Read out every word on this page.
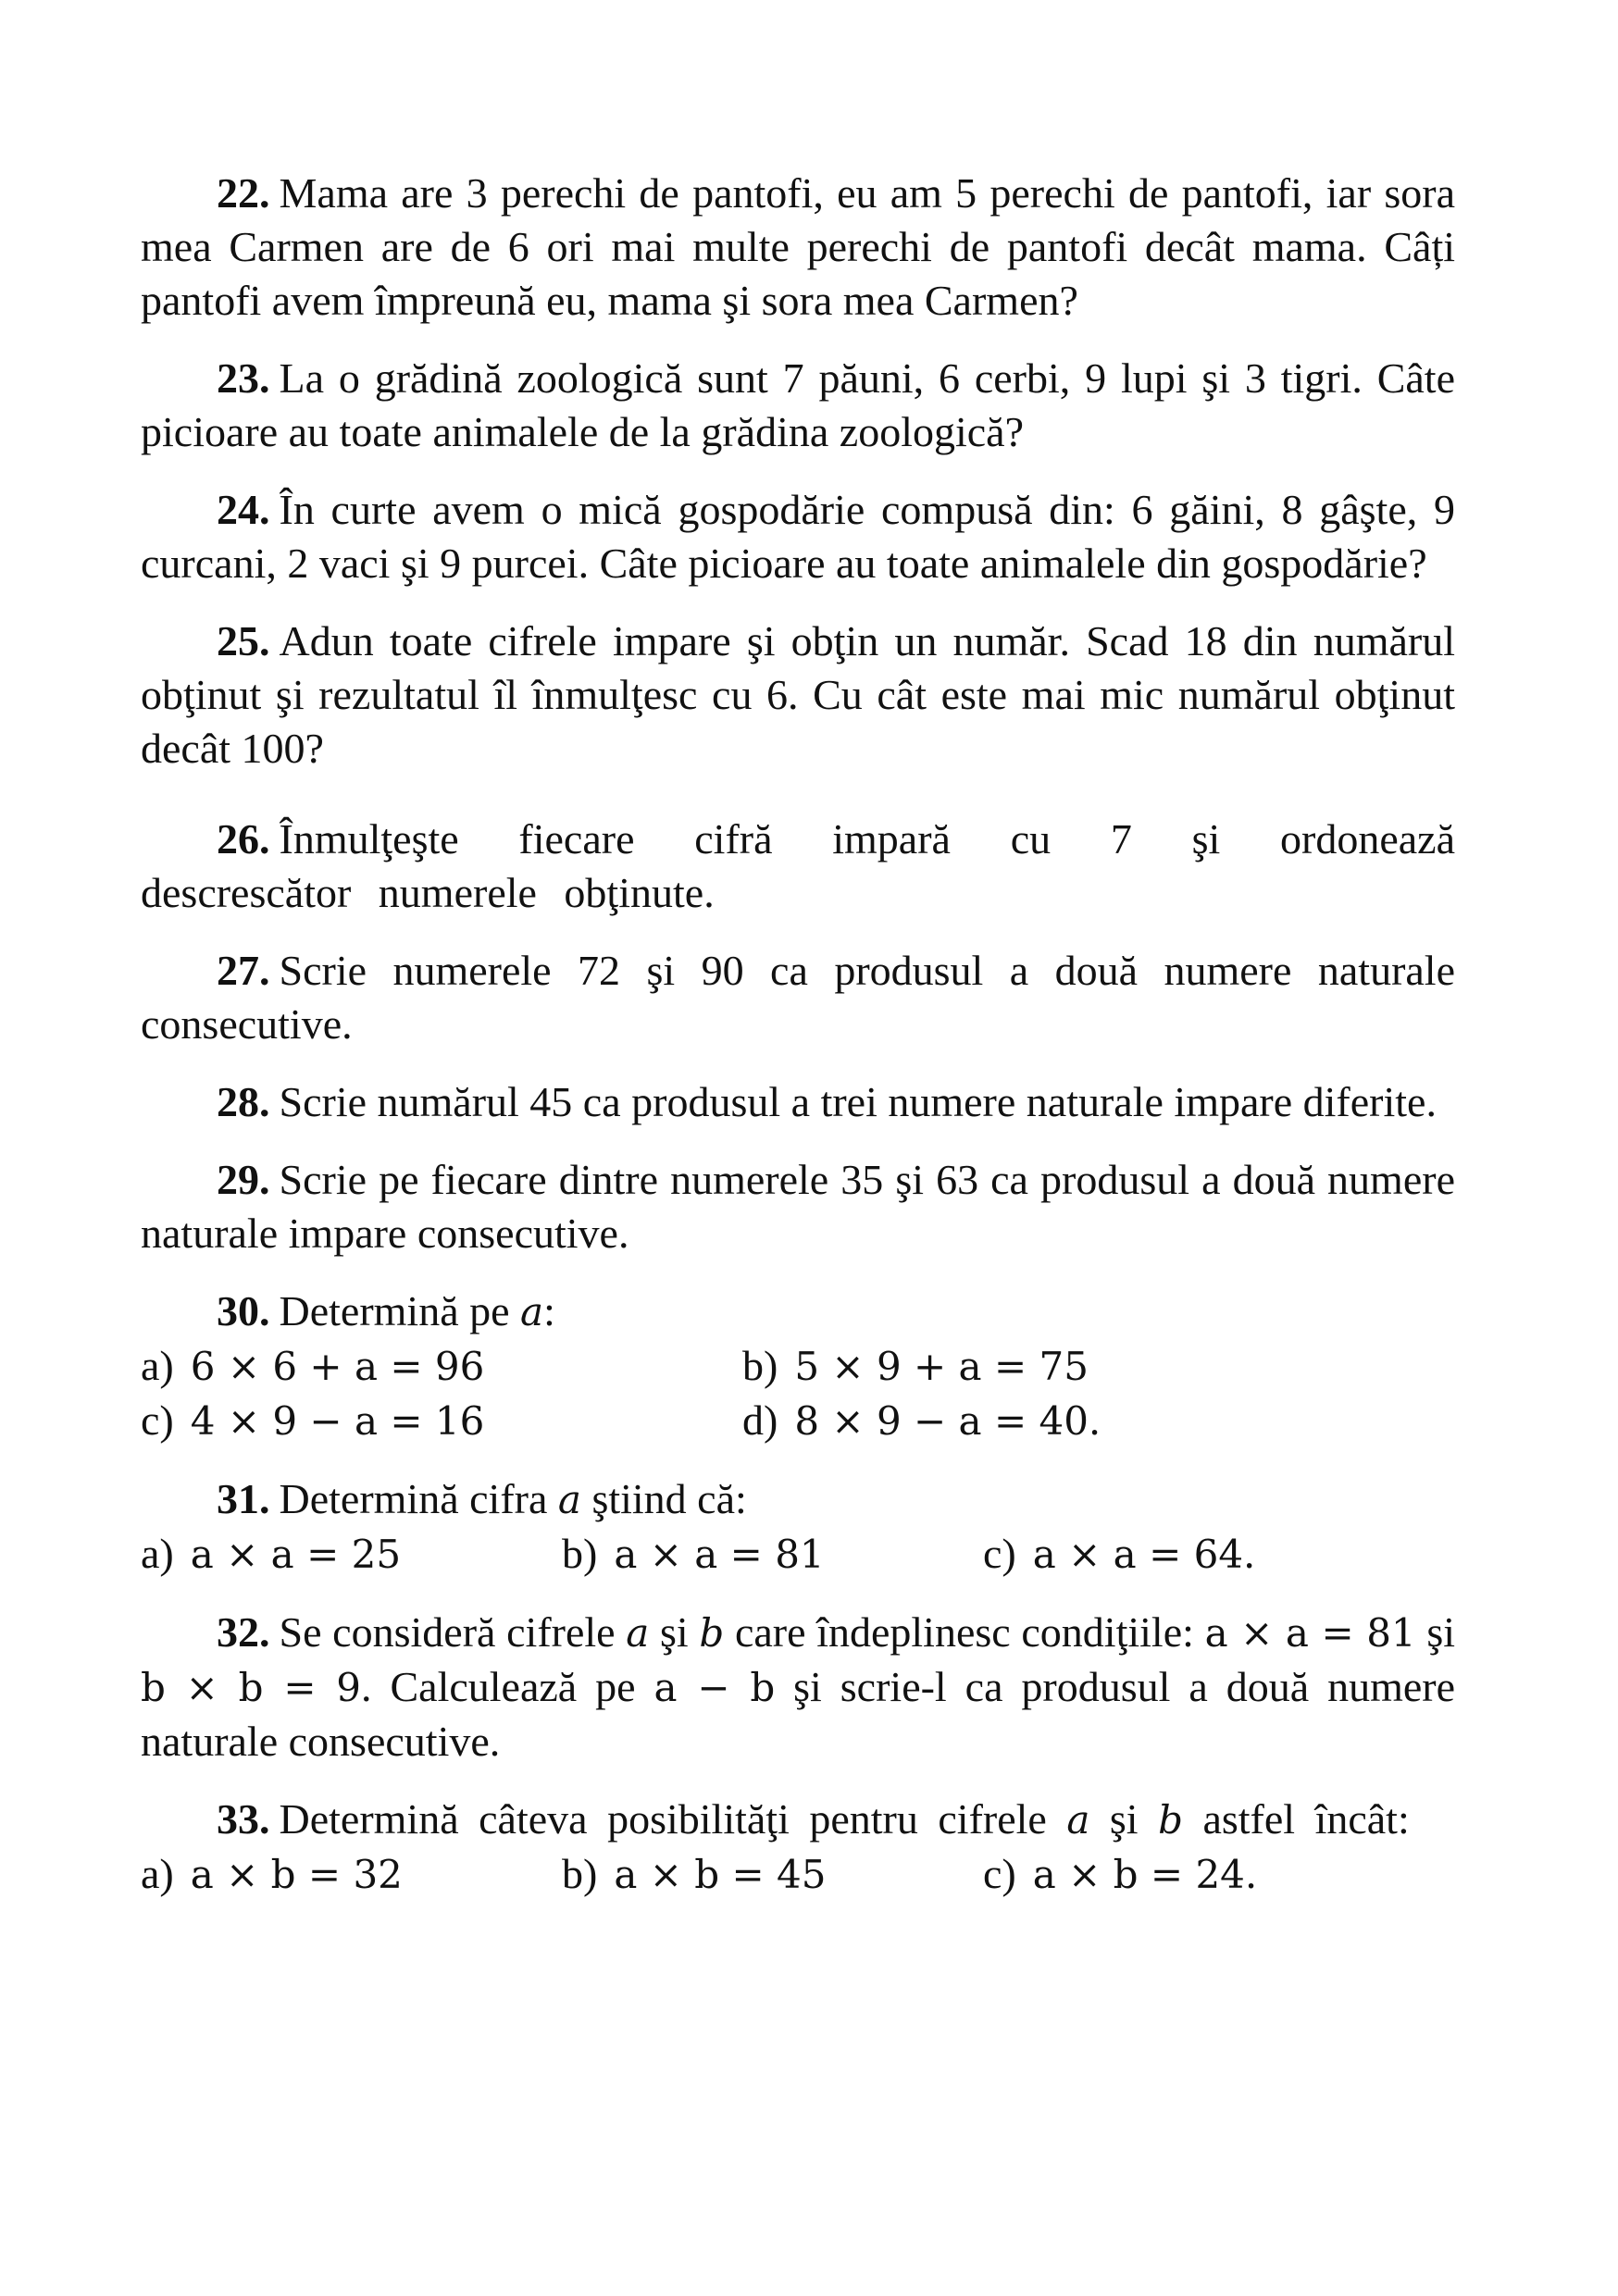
22. Mama are 3 perechi de pantofi, eu am 5 perechi de pantofi, iar sora mea Carmen are de 6 ori mai multe perechi de pantofi decât mama. Câți pantofi avem împreună eu, mama şi sora mea Carmen?
23. La o grădină zoologică sunt 7 păuni, 6 cerbi, 9 lupi şi 3 tigri. Câte picioare au toate animalele de la grădina zoologică?
24. În curte avem o mică gospodărie compusă din: 6 găini, 8 gâşte, 9 curcani, 2 vaci şi 9 purcei. Câte picioare au toate animalele din gospodărie?
25. Adun toate cifrele impare şi obţin un număr. Scad 18 din numărul obţinut şi rezultatul îl înmulţesc cu 6. Cu cât este mai mic numărul obţinut decât 100?
26. Înmulţeşte fiecare cifră impară cu 7 şi ordonează descrescător numerele obţinute.
27. Scrie numerele 72 şi 90 ca produsul a două numere naturale consecutive.
28. Scrie numărul 45 ca produsul a trei numere naturale impare diferite.
29. Scrie pe fiecare dintre numerele 35 şi 63 ca produsul a două numere naturale impare consecutive.
30. Determină pe a:
a) 6 × 6 + a = 96	b) 5 × 9 + a = 75
c) 4 × 9 − a = 16	d) 8 × 9 − a = 40.
31. Determină cifra a ştiind că:
a) a × a = 25	b) a × a = 81	c) a × a = 64.
32. Se consideră cifrele a şi b care îndeplinesc condiţiile: a × a = 81 şi b × b = 9. Calculează pe a − b şi scrie-l ca produsul a două numere naturale consecutive.
33. Determină câteva posibilităţi pentru cifrele a şi b astfel încât:
a) a × b = 32	b) a × b = 45	c) a × b = 24.
